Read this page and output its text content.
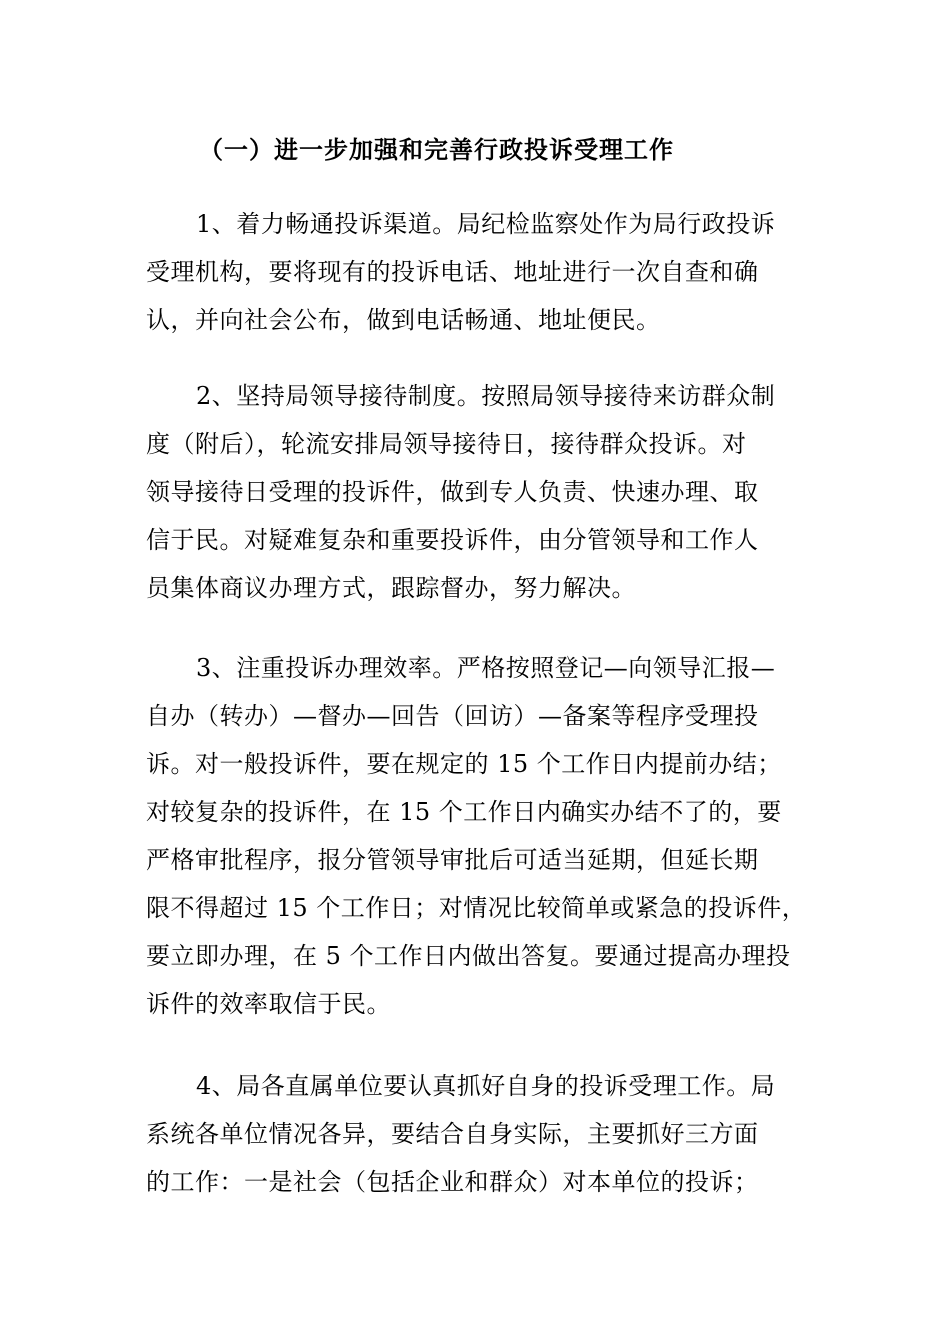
（一）进一步加强和完善行政投诉受理工作
1、着力畅通投诉渠道。局纪检监察处作为局行政投诉
受理机构，要将现有的投诉电话、地址进行一次自查和确
认，并向社会公布，做到电话畅通、地址便民。
2、坚持局领导接待制度。按照局领导接待来访群众制
度（附后），轮流安排局领导接待日，接待群众投诉。对
领导接待日受理的投诉件，做到专人负责、快速办理、取
信于民。对疑难复杂和重要投诉件，由分管领导和工作人
员集体商议办理方式，跟踪督办，努力解决。
3、注重投诉办理效率。严格按照登记—向领导汇报—
自办（转办）—督办—回告（回访）—备案等程序受理投
诉。对一般投诉件，要在规定的 15 个工作日内提前办结；
对较复杂的投诉件，在 15 个工作日内确实办结不了的，要
严格审批程序，报分管领导审批后可适当延期，但延长期
限不得超过 15 个工作日；对情况比较简单或紧急的投诉件，
要立即办理，在 5 个工作日内做出答复。要通过提高办理投
诉件的效率取信于民。
4、局各直属单位要认真抓好自身的投诉受理工作。局
系统各单位情况各异，要结合自身实际，主要抓好三方面
的工作：一是社会（包括企业和群众）对本单位的投诉；
